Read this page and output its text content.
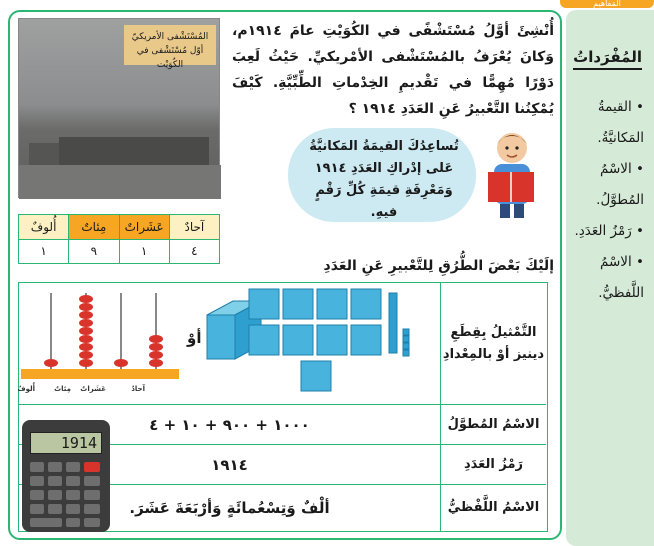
المَفاهيم
المُفْرَداتُ
• القيمةُ المَكانيَّةُ.
• الاسْمُ المُطوَّلُ.
• رَمْزُ العَدَدِ.
• الاسْمُ اللَّفظيُّ.
المُسْتَشْفى الأمريكيّ
أوّل مُسْتَشْفى في الكُوَيْت
آحادٌ	عَشَراتٌ	مِئاتٌ	أُلوفٌ
٤	١	٩	١
أُنْشِئَ أوَّلُ مُسْتَشْفًى في الكُوَيْتِ عامَ ١٩١٤م، وَكانَ يُعْرَفُ بالمُسْتَشْفى الأمْريكيِّ. حَيْثُ لَعِبَ دَوْرًا مُهِمًّا في تَقْديمِ الخِدْماتِ الطِّبِّيَّةِ. كَيْفَ يُمْكِنُنا التَّعْبيرُ عَنِ العَدَدِ ١٩١٤ ؟
تُساعِدُكَ القيمَةُ المَكانيَّةُ عَلى إدْراكِ العَدَدِ ١٩١٤ وَمَعْرِفَةِ قيمَةِ كُلِّ رَقْمٍ فيهِ.
إلَيْكَ بَعْضَ الطُّرُقِ لِلتَّعْبيرِ عَنِ العَدَدِ
التَّمْثيلُ بِقِطَعِ دينيز أوْ بالمِعْدادِ
أُلوفٌ	مِئاتٌ عَشَراتٌ	آحادٌ
أوْ
الاسْمُ المُطوَّلُ
١٠٠٠ + ٩٠٠ + ١٠ + ٤
رَمْزُ العَدَدِ
١٩١٤
الاسْمُ اللَّفْظيُّ
ألْفٌ وَتِسْعُمائَةٍ وَأرْبَعَةَ عَشَرَ.
1914
